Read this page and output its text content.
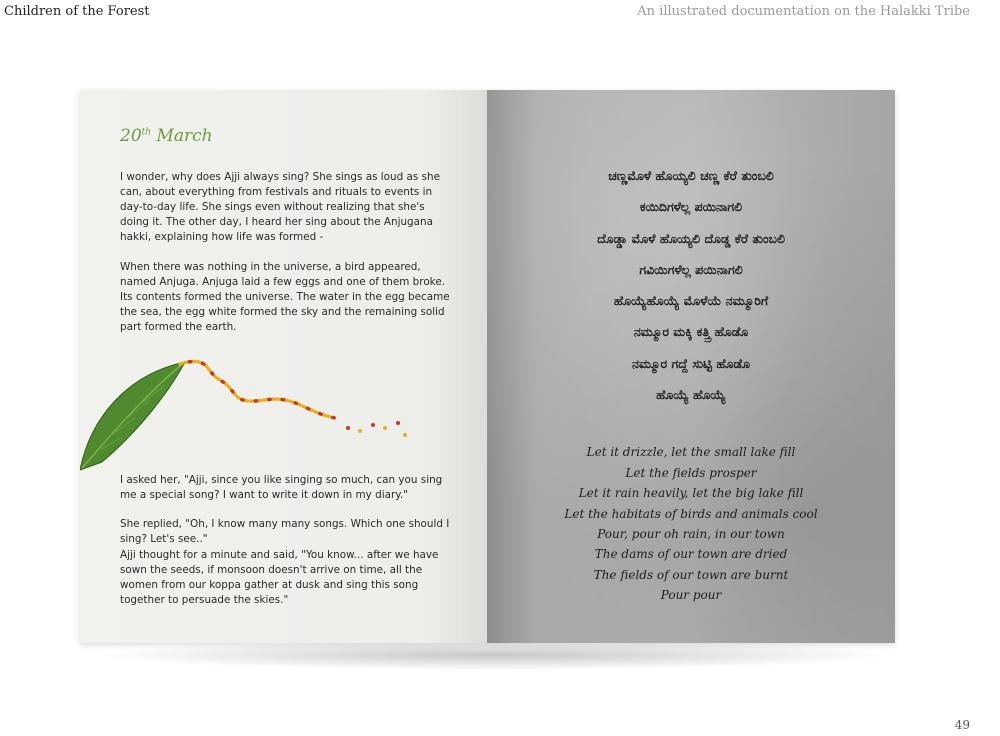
Children of the Forest	An illustrated documentation on the Halakki Tribe
20th March

I wonder, why does Ajji always sing? She sings as loud as she can, about everything from festivals and rituals to events in day-to-day life. She sings even without realizing that she's doing it. The other day, I heard her sing about the Anjugana hakki, explaining how life was formed -

When there was nothing in the universe, a bird appeared, named Anjuga. Anjuga laid a few eggs and one of them broke. Its contents formed the universe. The water in the egg became the sea, the egg white formed the sky and the remaining solid part formed the earth.

I asked her, "Ajji, since you like singing so much, can you sing me a special song? I want to write it down in my diary."

She replied, "Oh, I know many many songs. Which one should I sing? Let's see.."

Ajji thought for a minute and said, "You know... after we have sown the seeds, if monsoon doesn't arrive on time, all the women from our koppa gather at dusk and sing this song together to persuade the skies."

ಚಣ್ಣಮೊಳೆ ಹೊಯ್ಯಲಿ ಚಣ್ಣ ಕೆರೆ ತುಂಬಲಿ
ಕಯಿದಿಗಳೆಲ್ಲ ಪಯಿನಾಗಲಿ
ದೊಡ್ಡಾ ಮೊಳೆ ಹೊಯ್ಯಲಿ ದೊಡ್ಡ ಕೆರೆ ತುಂಬಲಿ
ಗವಿಯಿಗಳೆಲ್ಲ ಪಯಿನಾಗಲಿ
ಹೊಯ್ಯೆಹೊಯ್ಯೆ ಮೊಳೆಯೆ ನಮ್ಮೂರಿಗೆ
ನಮ್ಮೂರ ಮಕ್ಕಿ ಕತ್ತ್ರಿ ಹೊಡೊ
ನಮ್ಮೂರ ಗದ್ದೆ ಸುಟ್ಟಿ ಹೊಡೊ
ಹೊಯ್ಯೆ ಹೊಯ್ಯೆ
Let it drizzle, let the small lake fill
Let the fields prosper
Let it rain heavily, let the big lake fill
Let the habitats of birds and animals cool
Pour, pour oh rain, in our town
The dams of our town are dried
The fields of our town are burnt
Pour pour
49
